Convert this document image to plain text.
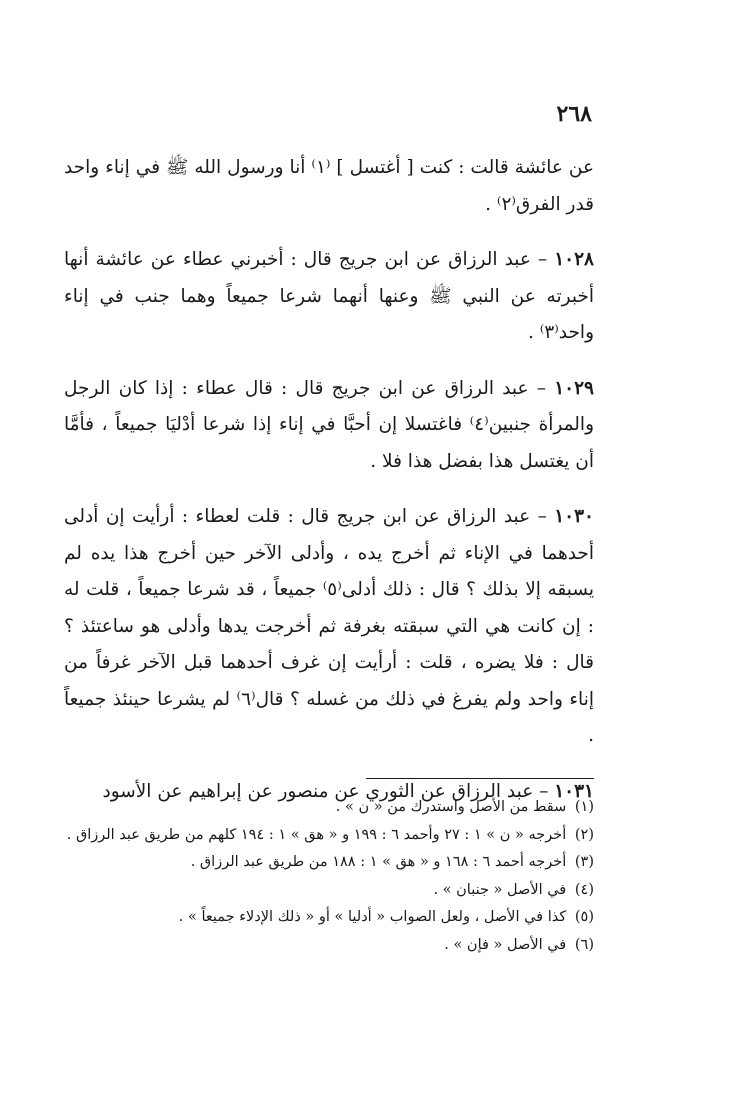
٢٦٨

عن عائشة قالت : كنت [ أغتسل ] ⁽١⁾ أنا ورسول الله ﷺ في إناء واحد قدر الفرق⁽٢⁾ .

١٠٢٨ – عبد الرزاق عن ابن جريج قال : أخبرني عطاء عن عائشة أنها أخبرته عن النبي ﷺ وعنها أنهما شرعا جميعاً وهما جنب في إناء واحد⁽٣⁾ .

١٠٢٩ – عبد الرزاق عن ابن جريج قال : قال عطاء : إذا كان الرجل والمرأة جنبين⁽٤⁾ فاغتسلا إن أحبَّا في إناء إذا شرعا أدْليَا جميعاً ، فأمَّا أن يغتسل هذا بفضل هذا فلا .

١٠٣٠ – عبد الرزاق عن ابن جريج قال : قلت لعطاء : أرأيت إن أدلى أحدهما في الإناء ثم أخرج يده ، وأدلى الآخر حين أخرج هذا يده لم يسبقه إلا بذلك ؟ قال : ذلك أدلى⁽٥⁾ جميعاً ، قد شرعا جميعاً ، قلت له : إن كانت هي التي سبقته بغرفة ثم أخرجت يدها وأدلى هو ساعتئذ ؟ قال : فلا يضره ، قلت : أرأيت إن غرف أحدهما قبل الآخر غرفاً من إناء واحد ولم يفرغ في ذلك من غسله ؟ قال⁽٦⁾ لم يشرعا حينئذ جميعاً .

١٠٣١ – عبد الرزاق عن الثوري عن منصور عن إبراهيم عن الأسود

(١) سقط من الأصل واستدرك من « ن » .

(٢) أخرجه « ن » ١ : ٢٧ وأحمد ٦ : ١٩٩ و « هق » ١ : ١٩٤ كلهم من طريق عبد الرزاق .

(٣) أخرجه أحمد ٦ : ١٦٨ و « هق » ١ : ١٨٨ من طريق عبد الرزاق .

(٤) في الأصل « جنبان » .

(٥) كذا في الأصل ، ولعل الصواب « أدليا » أو « ذلك الإدلاء جميعاً » .

(٦) في الأصل « فإن » .
